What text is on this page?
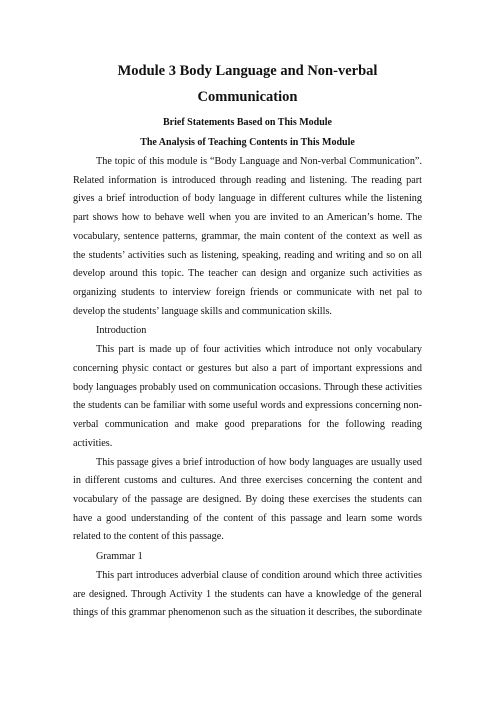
Module 3 Body Language and Non-verbal
Communication

Brief Statements Based on This Module

The Analysis of Teaching Contents in This Module

The topic of this module is “Body Language and Non-verbal Communication”. Related information is introduced through reading and listening. The reading part gives a brief introduction of body language in different cultures while the listening part shows how to behave well when you are invited to an American’s home. The vocabulary, sentence patterns, grammar, the main content of the context as well as the students’ activities such as listening, speaking, reading and writing and so on all develop around this topic. The teacher can design and organize such activities as organizing students to interview foreign friends or communicate with net pal to develop the students’ language skills and communication skills.

Introduction

This part is made up of four activities which introduce not only vocabulary concerning physic contact or gestures but also a part of important expressions and body languages probably used on communication occasions. Through these activities the students can be familiar with some useful words and expressions concerning non-verbal communication and make good preparations for the following reading activities.

This passage gives a brief introduction of how body languages are usually used in different customs and cultures. And three exercises concerning the content and vocabulary of the passage are designed. By doing these exercises the students can have a good understanding of the content of this passage and learn some words related to the content of this passage.

Grammar 1

This part introduces adverbial clause of condition around which three activities are designed. Through Activity 1 the students can have a knowledge of the general things of this grammar phenomenon such as the situation it describes, the subordinate
